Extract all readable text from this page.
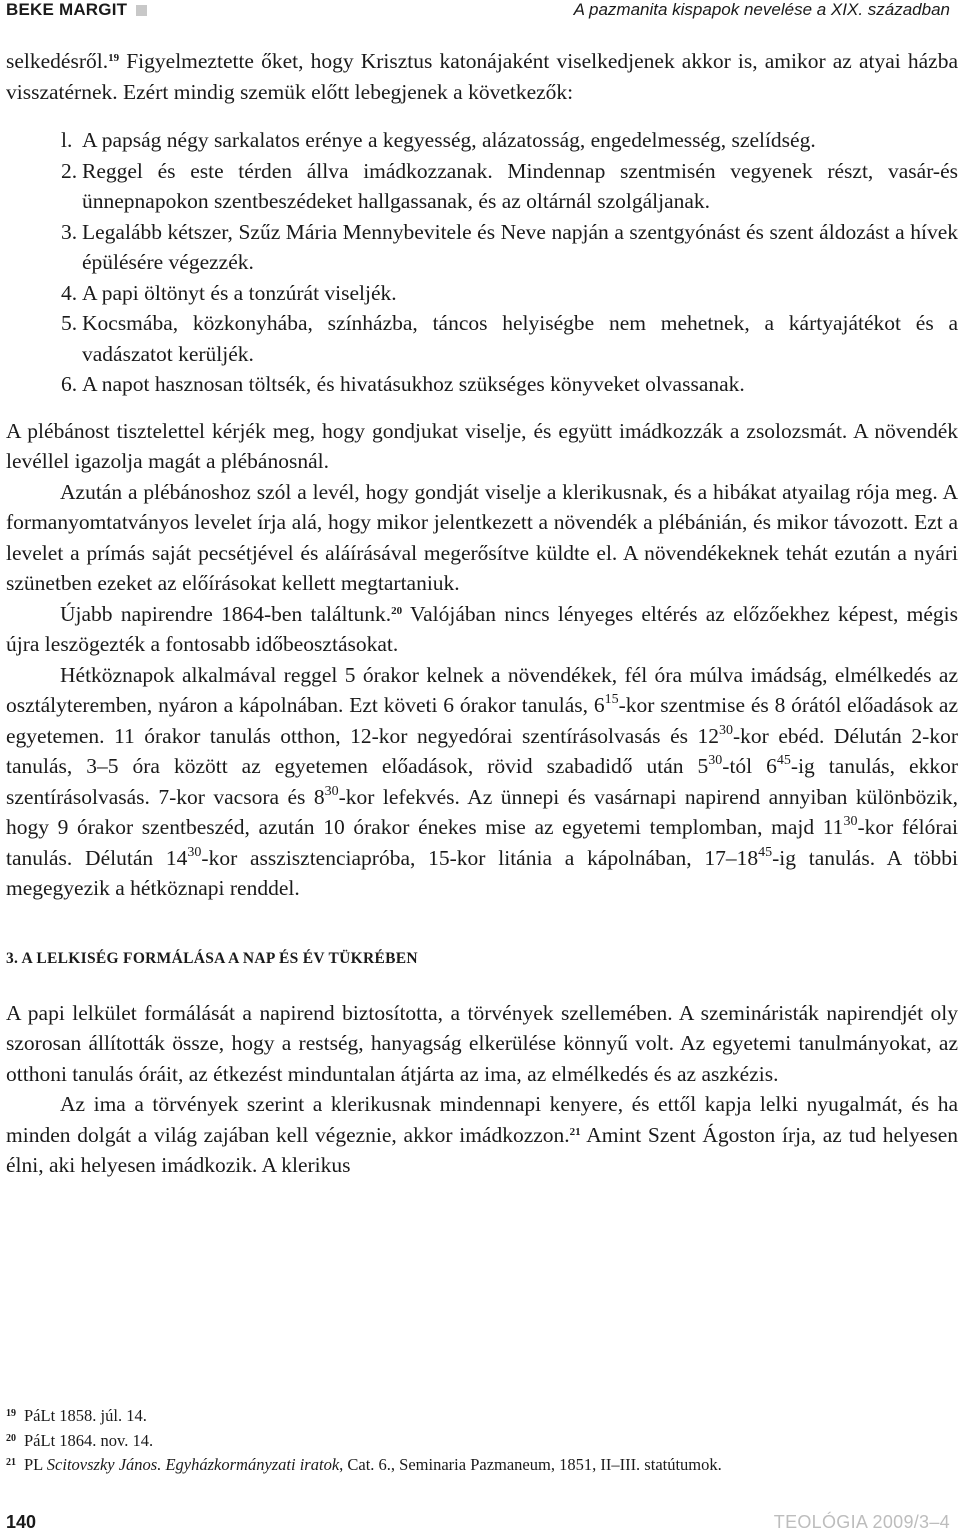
BEKE MARGIT	A pazmanita kispapok nevelése a XIX. században

selkedésről.$^{19}$ Figyelmeztette őket, hogy Krisztus katonájaként viselkedjenek akkor is, amikor az atyai házba visszatérnek. Ezért mindig szemük előtt lebegjenek a következők:

l. A papság négy sarkalatos erénye a kegyesség, alázatosság, engedelmesség, szelídség.
2. Reggel és este térden állva imádkozzanak. Mindennap szentmisén vegyenek részt, vasár-és ünnepnapokon szentbeszédeket hallgassanak, és az oltárnál szolgáljanak.
3. Legalább kétszer, Szűz Mária Mennybevitele és Neve napján a szentgyónást és szent áldozást a hívek épülésére végezzék.
4. A papi öltönyt és a tonzúrát viseljék.
5. Kocsmába, közkonyhába, színházba, táncos helyiségbe nem mehetnek, a kártyajátékot és a vadászatot kerüljék.
6. A napot hasznosan töltsék, és hivatásukhoz szükséges könyveket olvassanak.

A plébánost tisztelettel kérjék meg, hogy gondjukat viselje, és együtt imádkozzák a zsolozsmát. A növendék levéllel igazolja magát a plébánosnál.

Azután a plébánoshoz szól a levél, hogy gondját viselje a klerikusnak, és a hibákat atyailag rója meg. A formanyomtatványos levelet írja alá, hogy mikor jelentkezett a növendék a plébánián, és mikor távozott. Ezt a levelet a prímás saját pecsétjével és aláírásával megerősítve küldte el. A növendékeknek tehát ezután a nyári szünetben ezeket az előírásokat kellett megtartaniuk.

Újabb napirendre 1864-ben találtunk.$^{20}$ Valójában nincs lényeges eltérés az előzőekhez képest, mégis újra leszögezték a fontosabb időbeosztásokat.

Hétköznapok alkalmával reggel 5 órakor kelnek a növendékek, fél óra múlva imádság, elmélkedés az osztályteremben, nyáron a kápolnában. Ezt követi 6 órakor tanulás, $6^{15}$-kor szentmise és 8 órától előadások az egyetemen. 11 órakor tanulás otthon, 12-kor negyedórai szentírásolvasás és $12^{30}$-kor ebéd. Délután 2-kor tanulás, 3–5 óra között az egyetemen előadások, rövid szabadidő után $5^{30}$-tól $6^{45}-ig$ tanulás, ekkor szentírásolvasás. 7-kor vacsora és $8^{30}$-kor lefekvés. Az ünnepi és vasárnapi napirend annyiban különbözik, hogy 9 órakor szentbeszéd, azután 10 órakor énekes mise az egyetemi templomban, majd $11^{30}$-kor félórai tanulás. Délután $14^{30}$-kor asszisztenciapróba, 15-kor litánia a kápolnában, $17-18^{45}-ig$ tanulás. A többi megegyezik a hétköznapi renddel.

3. A LELKISÉG FORMÁLÁSA A NAP ÉS ÉV TÜKRÉBEN

A papi lelkület formálását a napirend biztosította, a törvények szellemében. A szemináristák napirendjét oly szorosan állították össze, hogy a restség, hanyagság elkerülése könnyű volt. Az egyetemi tanulmányokat, az otthoni tanulás óráit, az étkezést minduntalan átjárta az ima, az elmélkedés és az aszkézis.

Az ima a törvények szerint a klerikusnak mindennapi kenyere, és ettől kapja lelki nyugalmát, és ha minden dolgát a világ zajában kell végeznie, akkor imádkozzon.$^{21}$ Amint Szent Ágoston írja, az tud helyesen élni, aki helyesen imádkozik. A klerikus

$^{19}$ PáLt 1858. júl. 14.
$^{20}$ PáLt 1864. nov. 14.
$^{21}$ PL Scitovszky János. Egyházkormányzati iratok, Cat. 6., Seminaria Pazmaneum, 1851, II–III. statútumok.
140	TEOLÓGIA 2009/3–4
